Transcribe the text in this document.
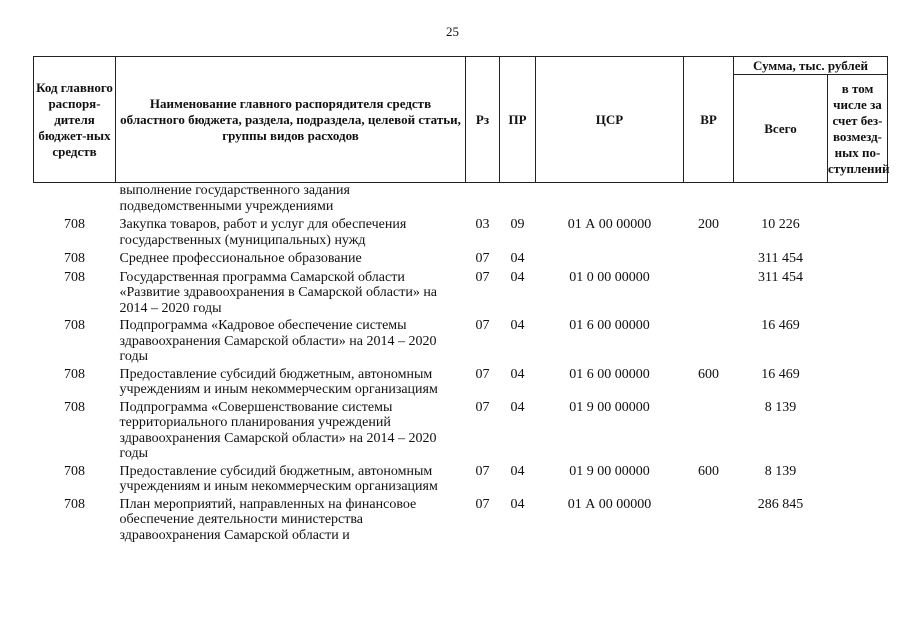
25
Код главного распоря-дителя бюджет-ных средств	Наименование главного распорядителя средств областного бюджета, раздела, подраздела, целевой статьи, группы видов расходов	Рз	ПР	ЦСР	ВР	Сумма, тыс. рублей	
						Всего	в том числе за счет без-возмезд-ных по-ступлений
	выполнение государственного задания подведомственными учреждениями						
708	Закупка товаров, работ и услуг для обеспечения государственных (муниципальных) нужд	03	09	01 А 00 00000	200	10 226	
708	Среднее профессиональное образование	07	04			311 454	
708	Государственная программа Самарской области «Развитие здравоохранения в Самарской области» на 2014 – 2020 годы	07	04	01 0 00 00000		311 454	
708	Подпрограмма «Кадровое обеспечение системы здравоохранения Самарской области» на 2014 – 2020 годы	07	04	01 6 00 00000		16 469	
708	Предоставление субсидий бюджетным, автономным учреждениям и иным некоммерческим организациям	07	04	01 6 00 00000	600	16 469	
708	Подпрограмма «Совершенствование системы территориального планирования учреждений здравоохранения Самарской области» на 2014 – 2020 годы	07	04	01 9 00 00000		8 139	
708	Предоставление субсидий бюджетным, автономным учреждениям и иным некоммерческим организациям	07	04	01 9 00 00000	600	8 139	
708	План мероприятий, направленных на финансовое обеспечение деятельности министерства здравоохранения Самарской области и	07	04	01 А 00 00000		286 845	
